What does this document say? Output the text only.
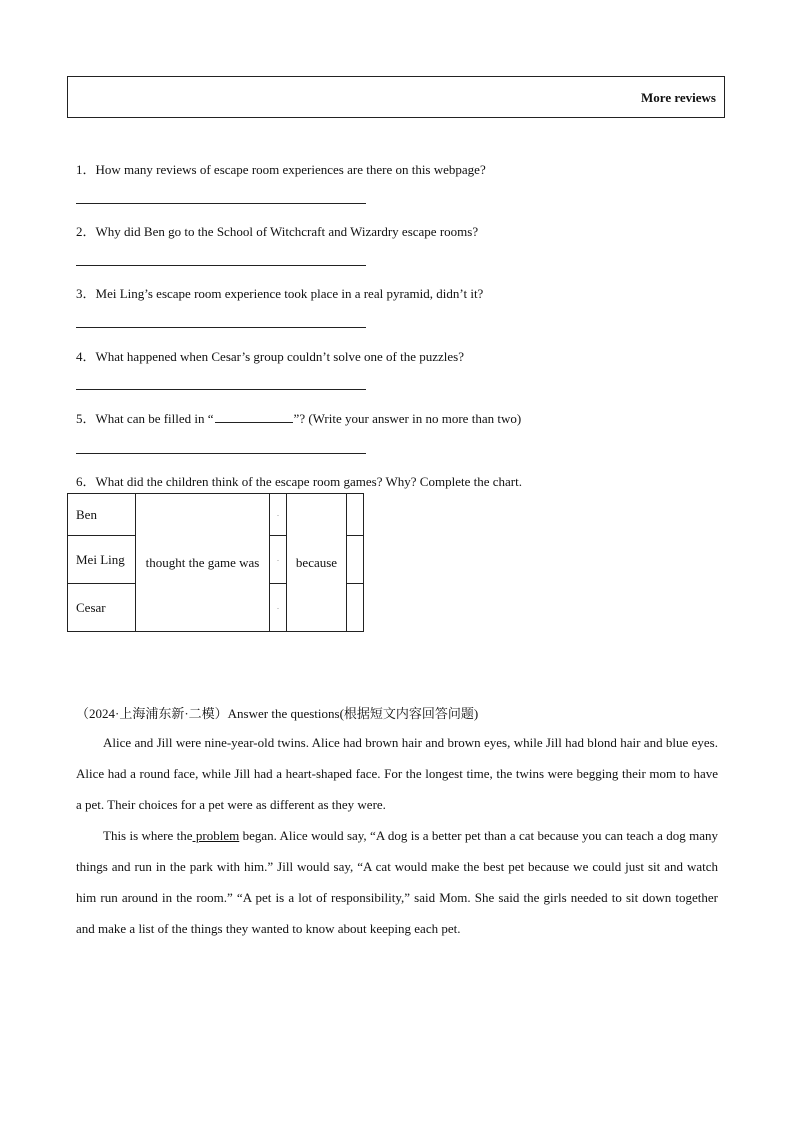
More reviews
1．How many reviews of escape room experiences are there on this webpage?
2．Why did Ben go to the School of Witchcraft and Wizardry escape rooms?
3．Mei Ling’s escape room experience took place in a real pyramid, didn’t it?
4．What happened when Cesar’s group couldn’t solve one of the puzzles?
5．What can be filled in “	”? (Write your answer in no more than two)
6．What did the children think of the escape room games? Why? Complete the chart.
Ben	thought the game was	.	because	
Mei Ling		.		
Cesar		.		
（2024·上海浦东新·二模）Answer the questions(根据短文内容回答问题)

Alice and Jill were nine-year-old twins. Alice had brown hair and brown eyes, while Jill had blond hair and blue eyes. Alice had a round face, while Jill had a heart-shaped face. For the longest time, the twins were begging their mom to have a pet. Their choices for a pet were as different as they were.

This is where the problem began. Alice would say, “A dog is a better pet than a cat because you can teach a dog many things and run in the park with him.” Jill would say, “A cat would make the best pet because we could just sit and watch him run around in the room.” “A pet is a lot of responsibility,” said Mom. She said the girls needed to sit down together and make a list of the things they wanted to know about keeping each pet.
